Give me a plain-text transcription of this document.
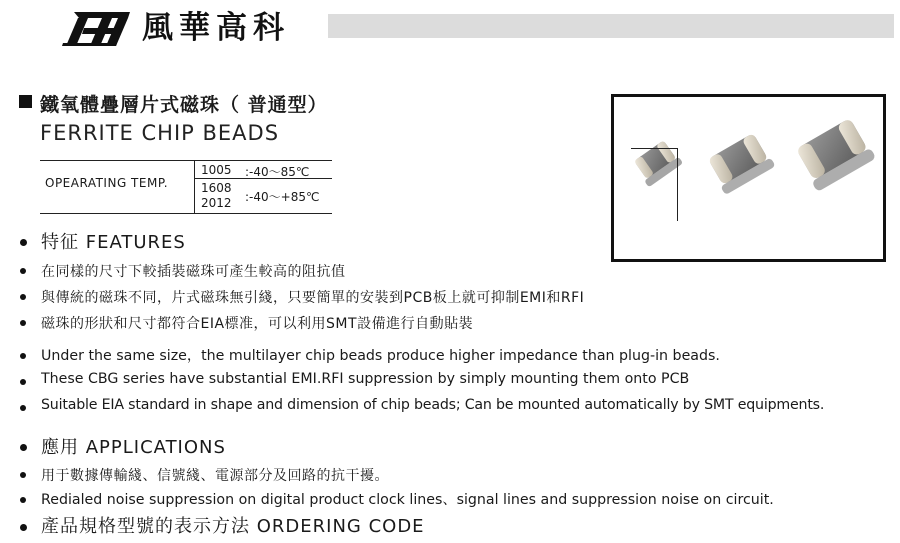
風華高科
鐵氧體疊層片式磁珠（ 普通型）
FERRITE CHIP BEADS
OPEARATING TEMP.
1005 :-40～85℃
1608
2012 :-40～+85℃
特征 FEATURES
在同樣的尺寸下較插裝磁珠可產生較高的阻抗值
與傳統的磁珠不同，片式磁珠無引綫，只要簡單的安裝到PCB板上就可抑制EMI和RFI
磁珠的形狀和尺寸都符合EIA標准，可以利用SMT設備進行自動貼裝
Under the same size，the multilayer chip beads produce higher impedance than plug-in beads.
These CBG series have substantial EMI.RFI suppression by simply mounting them onto PCB
Suitable EIA standard in shape and dimension of chip beads; Can be mounted automatically by SMT equipments.
應用 APPLICATIONS
用于數據傳輸綫、信號綫、電源部分及回路的抗干擾。
Redialed noise suppression on digital product clock lines、signal lines and suppression noise on circuit.
產品規格型號的表示方法 ORDERING CODE
